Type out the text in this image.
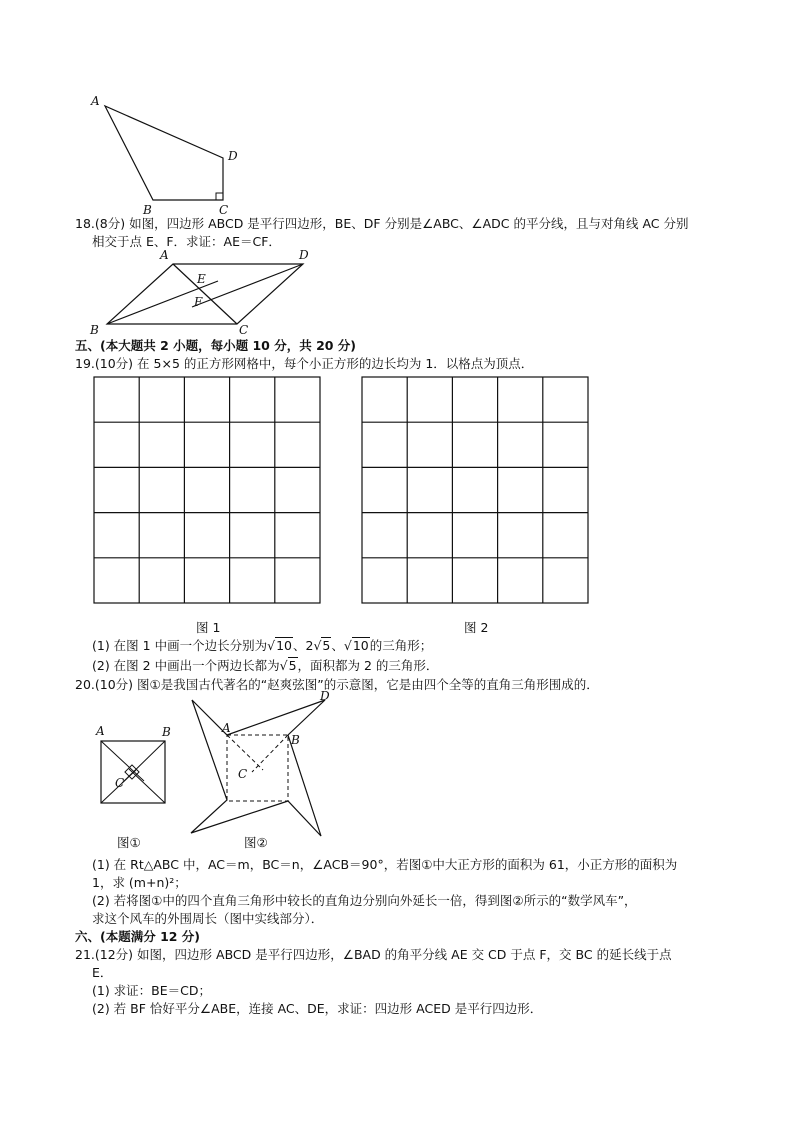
A
B	C
D
18.(8分) 如图，四边形 ABCD 是平行四边形，BE、DF 分别是∠ABC、∠ADC 的平分线，且与对角线 AC 分别
相交于点 E、F．求证：AE＝CF．
A	D
E
F
B	C
五、(本大题共 2 小题，每小题 10 分，共 20 分)
19.(10分) 在 5×5 的正方形网格中，每个小正方形的边长均为 1．以格点为顶点．
图 1	图 2
(1) 在图 1 中画一个边长分别为√10、2√5、√10的三角形；
(2) 在图 2 中画出一个两边长都为√5，面积都为 2 的三角形．
20.(10分) 图①是我国古代著名的“赵爽弦图”的示意图，它是由四个全等的直角三角形围成的．
A	B
C
A
B
C
D
图①	图②
(1) 在 Rt△ABC 中，AC＝m，BC＝n，∠ACB＝90°，若图①中大正方形的面积为 61，小正方形的面积为
1，求 (m+n)²；
(2) 若将图①中的四个直角三角形中较长的直角边分别向外延长一倍，得到图②所示的“数学风车”，
求这个风车的外围周长（图中实线部分）．
六、(本题满分 12 分)
21.(12分) 如图，四边形 ABCD 是平行四边形，∠BAD 的角平分线 AE 交 CD 于点 F，交 BC 的延长线于点
E．
(1) 求证：BE＝CD；
(2) 若 BF 恰好平分∠ABE，连接 AC、DE，求证：四边形 ACED 是平行四边形．
